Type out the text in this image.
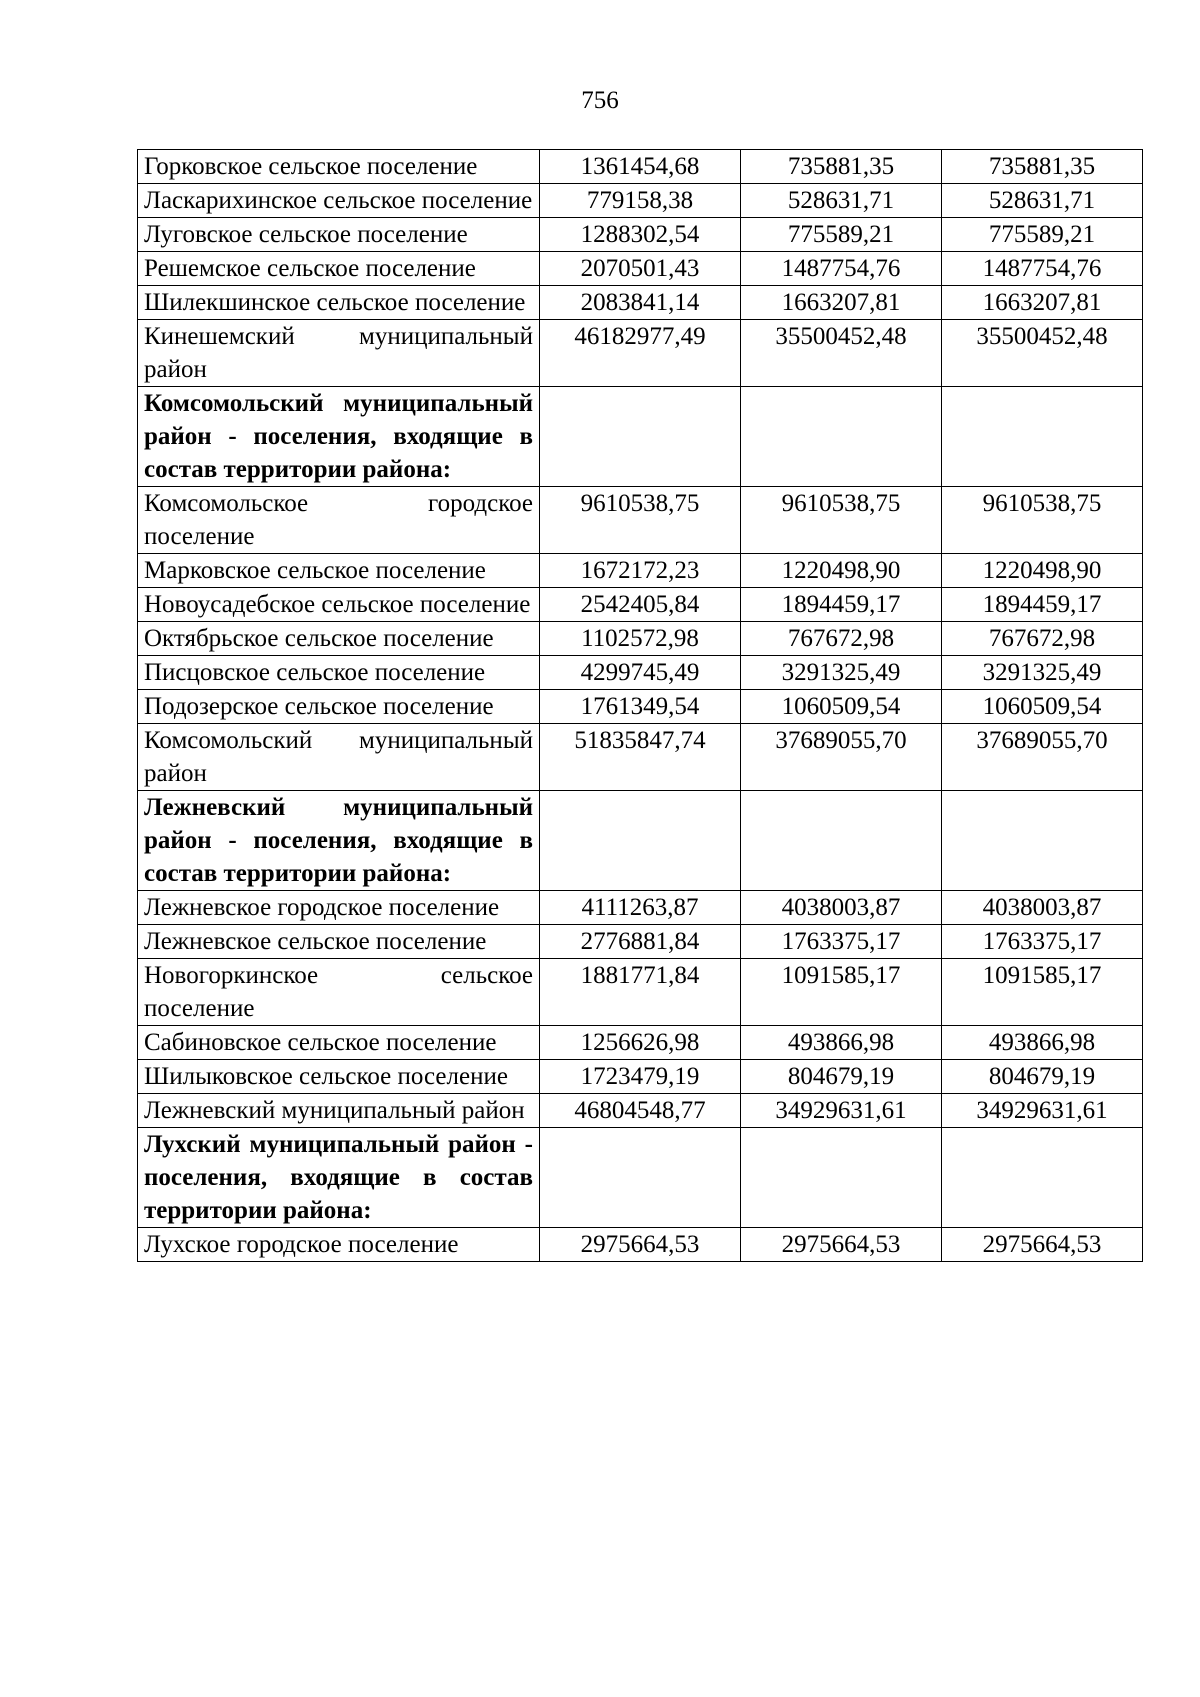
756
Горковское сельское поселение	1361454,68	735881,35	735881,35
Ласкарихинское сельское поселение	779158,38	528631,71	528631,71
Луговское сельское поселение	1288302,54	775589,21	775589,21
Решемское сельское поселение	2070501,43	1487754,76	1487754,76
Шилекшинское сельское поселение	2083841,14	1663207,81	1663207,81
Кинешемский муниципальный район	46182977,49	35500452,48	35500452,48
Комсомольский муниципальный район - поселения, входящие в состав территории района:			
Комсомольское городское поселение	9610538,75	9610538,75	9610538,75
Марковское сельское поселение	1672172,23	1220498,90	1220498,90
Новоусадебское сельское поселение	2542405,84	1894459,17	1894459,17
Октябрьское сельское поселение	1102572,98	767672,98	767672,98
Писцовское сельское поселение	4299745,49	3291325,49	3291325,49
Подозерское сельское поселение	1761349,54	1060509,54	1060509,54
Комсомольский муниципальный район	51835847,74	37689055,70	37689055,70
Лежневский муниципальный район - поселения, входящие в состав территории района:			
Лежневское городское поселение	4111263,87	4038003,87	4038003,87
Лежневское сельское поселение	2776881,84	1763375,17	1763375,17
Новогоркинское сельское поселение	1881771,84	1091585,17	1091585,17
Сабиновское сельское поселение	1256626,98	493866,98	493866,98
Шилыковское сельское поселение	1723479,19	804679,19	804679,19
Лежневский муниципальный район	46804548,77	34929631,61	34929631,61
Лухский муниципальный район - поселения, входящие в состав территории района:			
Лухское городское поселение	2975664,53	2975664,53	2975664,53
